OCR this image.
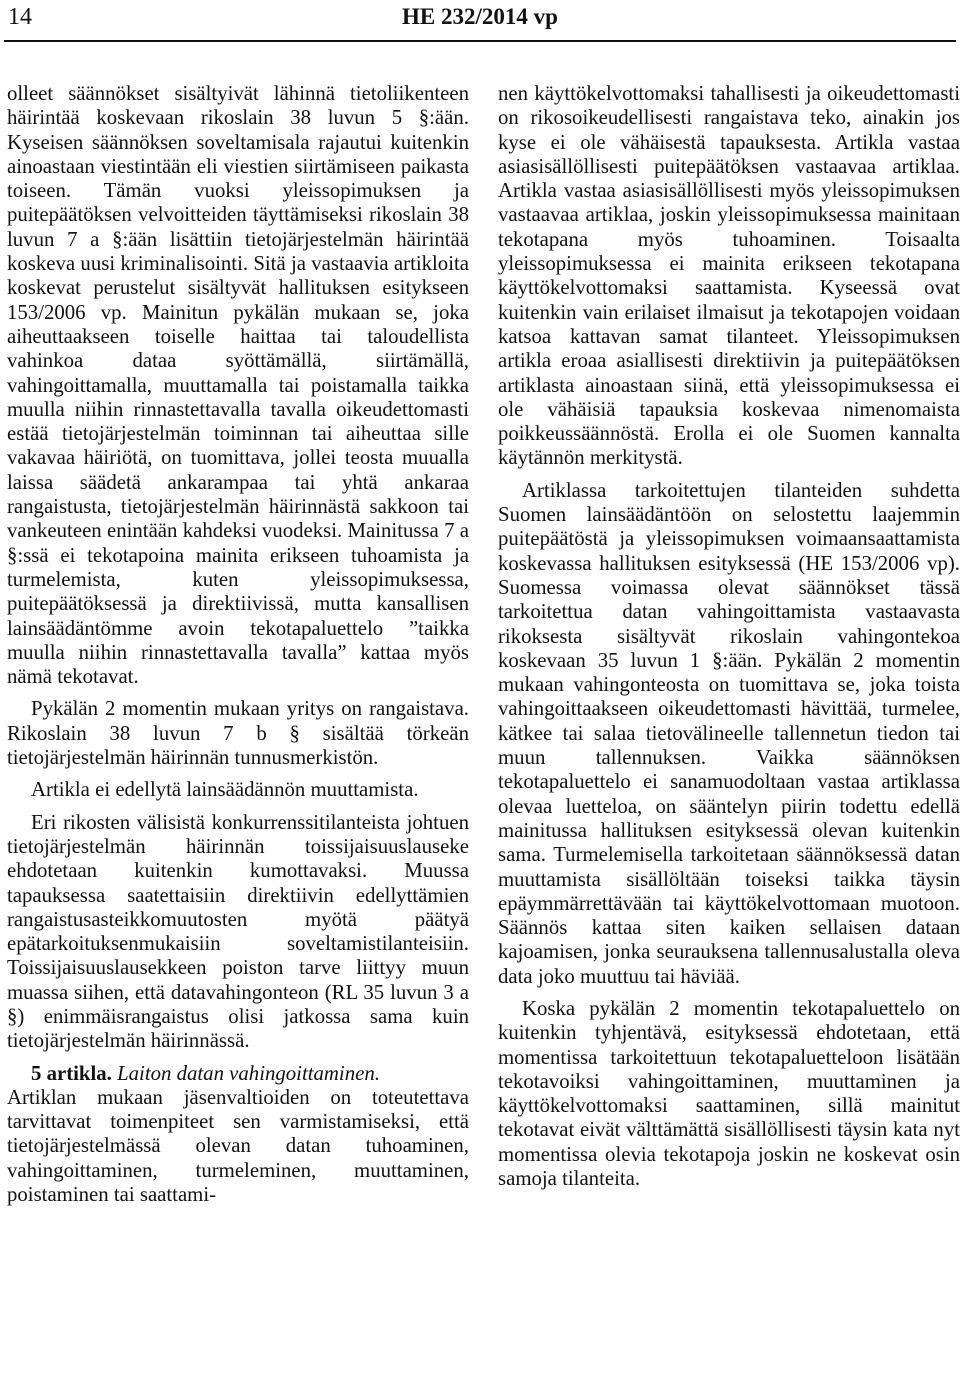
14	HE 232/2014 vp

olleet säännökset sisältyivät lähinnä tietoliikenteen häirintää koskevaan rikoslain 38 luvun 5 §:ään. Kyseisen säännöksen soveltamisala rajautui kuitenkin ainoastaan viestintään eli viestien siirtämiseen paikasta toiseen. Tämän vuoksi yleissopimuksen ja puitepäätöksen velvoitteiden täyttämiseksi rikoslain 38 luvun 7 a §:ään lisättiin tietojärjestelmän häirintää koskeva uusi kriminalisointi. Sitä ja vastaavia artikloita koskevat perustelut sisältyvät hallituksen esitykseen 153/2006 vp. Mainitun pykälän mukaan se, joka aiheuttaakseen toiselle haittaa tai taloudellista vahinkoa dataa syöttämällä, siirtämällä, vahingoittamalla, muuttamalla tai poistamalla taikka muulla niihin rinnastettavalla tavalla oikeudettomasti estää tietojärjestelmän toiminnan tai aiheuttaa sille vakavaa häiriötä, on tuomittava, jollei teosta muualla laissa säädetä ankarampaa tai yhtä ankaraa rangaistusta, tietojärjestelmän häirinnästä sakkoon tai vankeuteen enintään kahdeksi vuodeksi. Mainitussa 7 a §:ssä ei tekotapoina mainita erikseen tuhoamista ja turmelemista, kuten yleissopimuksessa, puitepäätöksessä ja direktiivissä, mutta kansallisen lainsäädäntömme avoin tekotapaluettelo ”taikka muulla niihin rinnastettavalla tavalla” kattaa myös nämä tekotavat.

Pykälän 2 momentin mukaan yritys on rangaistava. Rikoslain 38 luvun 7 b § sisältää törkeän tietojärjestelmän häirinnän tunnusmerkistön.

Artikla ei edellytä lainsäädännön muuttamista.

Eri rikosten välisistä konkurrenssitilanteista johtuen tietojärjestelmän häirinnän toissijaisuuslauseke ehdotetaan kuitenkin kumottavaksi. Muussa tapauksessa saatettaisiin direktiivin edellyttämien rangaistusasteikkomuutosten myötä päätyä epätarkoituksenmukaisiin soveltamistilanteisiin. Toissijaisuuslausekkeen poiston tarve liittyy muun muassa siihen, että datavahingonteon (RL 35 luvun 3 a §) enimmäisrangaistus olisi jatkossa sama kuin tietojärjestelmän häirinnässä.

5 artikla. Laiton datan vahingoittaminen.

Artiklan mukaan jäsenvaltioiden on toteutettava tarvittavat toimenpiteet sen varmistamiseksi, että tietojärjestelmässä olevan datan tuhoaminen, vahingoittaminen, turmeleminen, muuttaminen, poistaminen tai saattami-

nen käyttökelvottomaksi tahallisesti ja oikeudettomasti on rikosoikeudellisesti rangaistava teko, ainakin jos kyse ei ole vähäisestä tapauksesta. Artikla vastaa asiasisällöllisesti puitepäätöksen vastaavaa artiklaa. Artikla vastaa asiasisällöllisesti myös yleissopimuksen vastaavaa artiklaa, joskin yleissopimuksessa mainitaan tekotapana myös tuhoaminen. Toisaalta yleissopimuksessa ei mainita erikseen tekotapana käyttökelvottomaksi saattamista. Kyseessä ovat kuitenkin vain erilaiset ilmaisut ja tekotapojen voidaan katsoa kattavan samat tilanteet. Yleissopimuksen artikla eroaa asiallisesti direktiivin ja puitepäätöksen artiklasta ainoastaan siinä, että yleissopimuksessa ei ole vähäisiä tapauksia koskevaa nimenomaista poikkeussäännöstä. Erolla ei ole Suomen kannalta käytännön merkitystä.

Artiklassa tarkoitettujen tilanteiden suhdetta Suomen lainsäädäntöön on selostettu laajemmin puitepäätöstä ja yleissopimuksen voimaansaattamista koskevassa hallituksen esityksessä (HE 153/2006 vp). Suomessa voimassa olevat säännökset tässä tarkoitettua datan vahingoittamista vastaavasta rikoksesta sisältyvät rikoslain vahingontekoa koskevaan 35 luvun 1 §:ään. Pykälän 2 momentin mukaan vahingonteosta on tuomittava se, joka toista vahingoittaakseen oikeudettomasti hävittää, turmelee, kätkee tai salaa tietovälineelle tallennetun tiedon tai muun tallennuksen. Vaikka säännöksen tekotapaluettelo ei sanamuodoltaan vastaa artiklassa olevaa luetteloa, on sääntelyn piirin todettu edellä mainitussa hallituksen esityksessä olevan kuitenkin sama. Turmelemisella tarkoitetaan säännöksessä datan muuttamista sisällöltään toiseksi taikka täysin epäymmärrettävään tai käyttökelvottomaan muotoon. Säännös kattaa siten kaiken sellaisen dataan kajoamisen, jonka seurauksena tallennusalustalla oleva data joko muuttuu tai häviää.

Koska pykälän 2 momentin tekotapaluettelo on kuitenkin tyhjentävä, esityksessä ehdotetaan, että momentissa tarkoitettuun tekotapaluetteloon lisätään tekotavoiksi vahingoittaminen, muuttaminen ja käyttökelvottomaksi saattaminen, sillä mainitut tekotavat eivät välttämättä sisällöllisesti täysin kata nyt momentissa olevia tekotapoja joskin ne koskevat osin samoja tilanteita.
